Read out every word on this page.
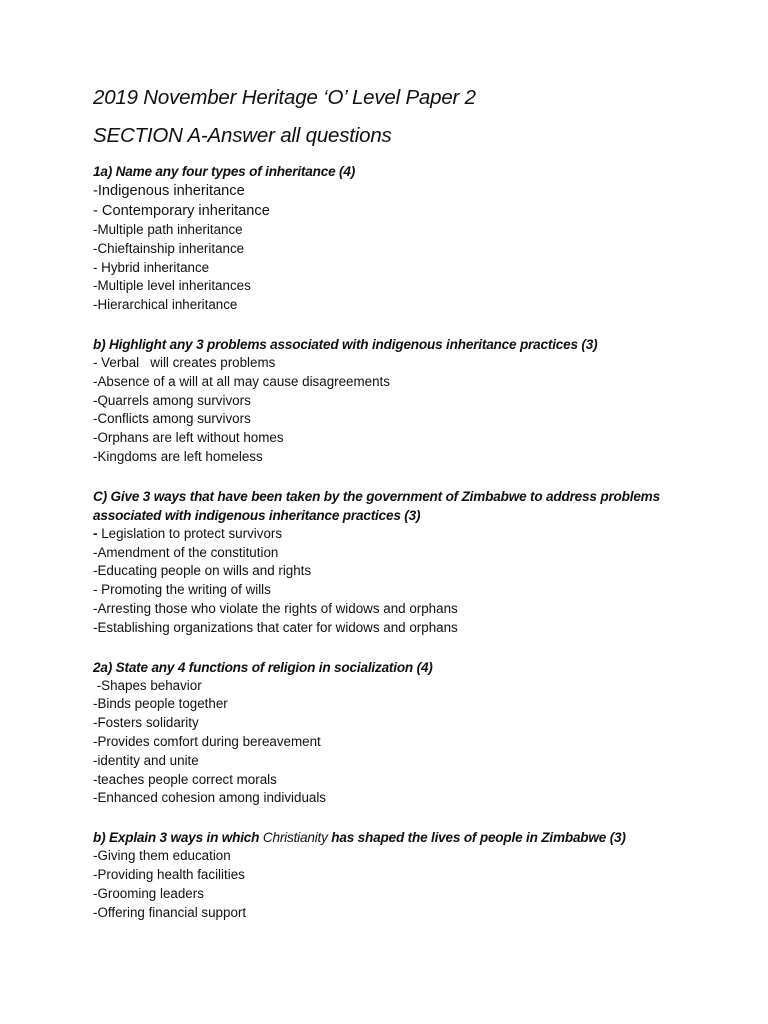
2019 November Heritage ‘O’ Level Paper 2
SECTION A-Answer all questions

1a) Name any four types of inheritance (4)

-Indigenous inheritance
- Contemporary inheritance
-Multiple path inheritance
-Chieftainship inheritance
- Hybrid inheritance
-Multiple level inheritances
-Hierarchical inheritance

b) Highlight any 3 problems associated with indigenous inheritance practices (3)

- Verbal   will creates problems
-Absence of a will at all may cause disagreements
-Quarrels among survivors
-Conflicts among survivors
-Orphans are left without homes
-Kingdoms are left homeless

C) Give 3 ways that have been taken by the government of Zimbabwe to address problems

associated with indigenous inheritance practices (3)

- Legislation to protect survivors
-Amendment of the constitution
-Educating people on wills and rights
- Promoting the writing of wills
-Arresting those who violate the rights of widows and orphans
-Establishing organizations that cater for widows and orphans

2a) State any 4 functions of religion in socialization (4)

-Shapes behavior
-Binds people together
-Fosters solidarity
-Provides comfort during bereavement
-identity and unite
-teaches people correct morals
-Enhanced cohesion among individuals

b) Explain 3 ways in which Christianity has shaped the lives of people in Zimbabwe (3)

-Giving them education
-Providing health facilities
-Grooming leaders
-Offering financial support
